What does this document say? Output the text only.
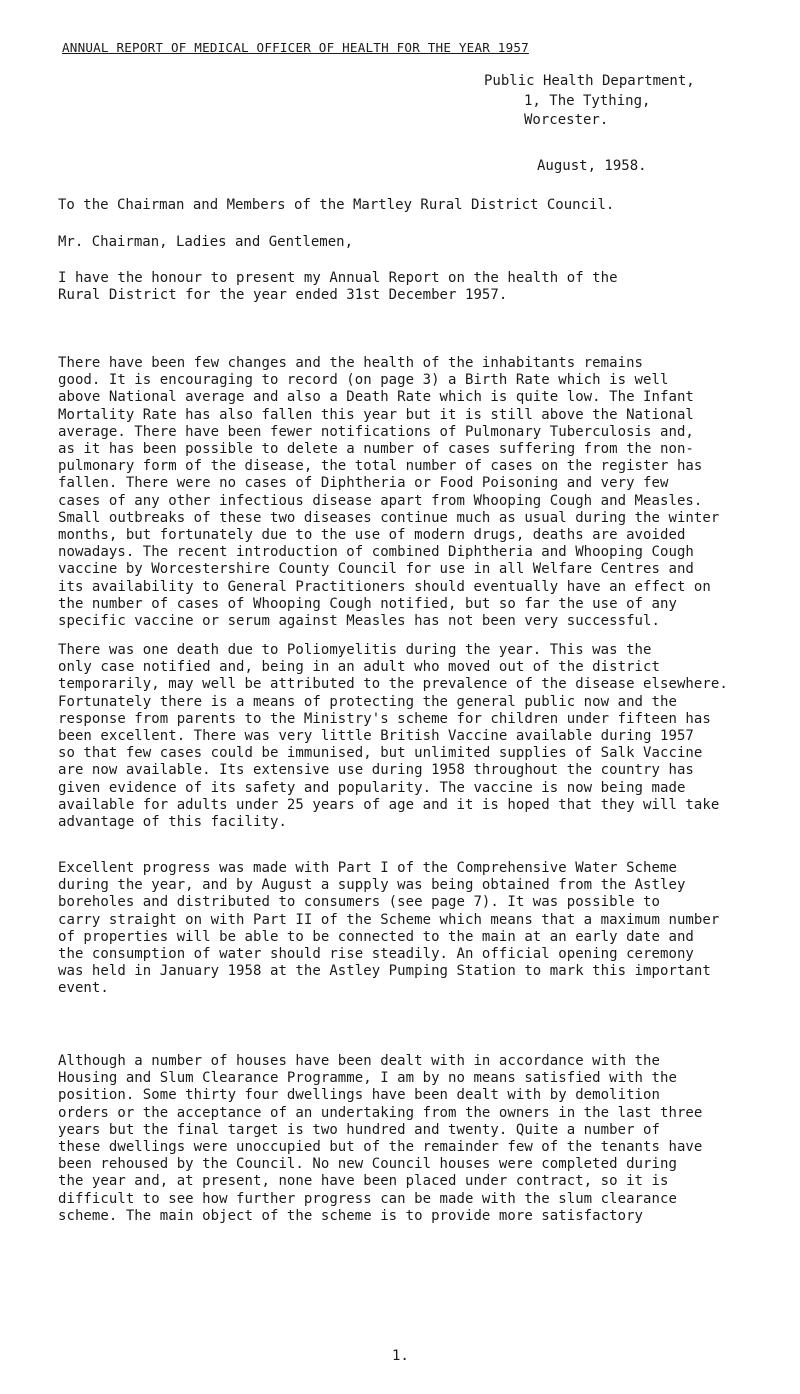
ANNUAL REPORT OF MEDICAL OFFICER OF HEALTH FOR THE YEAR 1957
Public Health Department,
1, The Tything,
Worcester.
August, 1958.
To the Chairman and Members of the Martley Rural District Council.
Mr. Chairman, Ladies and Gentlemen,
I have the honour to present my Annual Report on the health of the
Rural District for the year ended 31st December 1957.
There have been few changes and the health of the inhabitants remains
good. It is encouraging to record (on page 3) a Birth Rate which is well
above National average and also a Death Rate which is quite low. The Infant
Mortality Rate has also fallen this year but it is still above the National
average. There have been fewer notifications of Pulmonary Tuberculosis and,
as it has been possible to delete a number of cases suffering from the non-
pulmonary form of the disease, the total number of cases on the register has
fallen. There were no cases of Diphtheria or Food Poisoning and very few
cases of any other infectious disease apart from Whooping Cough and Measles.
Small outbreaks of these two diseases continue much as usual during the winter
months, but fortunately due to the use of modern drugs, deaths are avoided
nowadays. The recent introduction of combined Diphtheria and Whooping Cough
vaccine by Worcestershire County Council for use in all Welfare Centres and
its availability to General Practitioners should eventually have an effect on
the number of cases of Whooping Cough notified, but so far the use of any
specific vaccine or serum against Measles has not been very successful.
There was one death due to Poliomyelitis during the year. This was the
only case notified and, being in an adult who moved out of the district
temporarily, may well be attributed to the prevalence of the disease elsewhere.
Fortunately there is a means of protecting the general public now and the
response from parents to the Ministry's scheme for children under fifteen has
been excellent. There was very little British Vaccine available during 1957
so that few cases could be immunised, but unlimited supplies of Salk Vaccine
are now available. Its extensive use during 1958 throughout the country has
given evidence of its safety and popularity. The vaccine is now being made
available for adults under 25 years of age and it is hoped that they will take
advantage of this facility.
Excellent progress was made with Part I of the Comprehensive Water Scheme
during the year, and by August a supply was being obtained from the Astley
boreholes and distributed to consumers (see page 7). It was possible to
carry straight on with Part II of the Scheme which means that a maximum number
of properties will be able to be connected to the main at an early date and
the consumption of water should rise steadily. An official opening ceremony
was held in January 1958 at the Astley Pumping Station to mark this important
event.
Although a number of houses have been dealt with in accordance with the
Housing and Slum Clearance Programme, I am by no means satisfied with the
position. Some thirty four dwellings have been dealt with by demolition
orders or the acceptance of an undertaking from the owners in the last three
years but the final target is two hundred and twenty. Quite a number of
these dwellings were unoccupied but of the remainder few of the tenants have
been rehoused by the Council. No new Council houses were completed during
the year and, at present, none have been placed under contract, so it is
difficult to see how further progress can be made with the slum clearance
scheme. The main object of the scheme is to provide more satisfactory
1.
